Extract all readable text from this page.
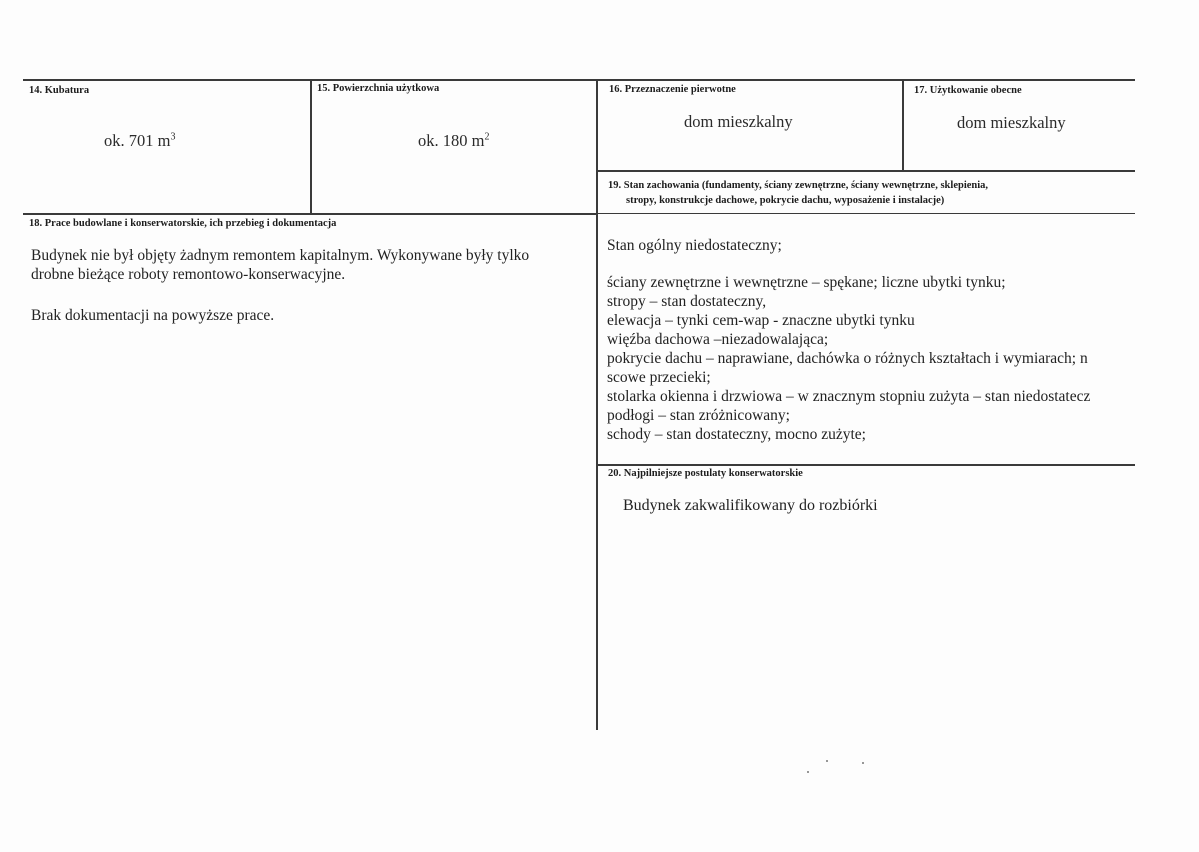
14. Kubatura
ok. 701 $m^3$
15. Powierzchnia użytkowa
ok. 180 $m^2$
16. Przeznaczenie pierwotne
dom mieszkalny
17. Użytkowanie obecne
dom mieszkalny
18. Prace budowlane i konserwatorskie, ich przebieg i dokumentacja
Budynek nie był objęty żadnym remontem kapitalnym. Wykonywane były tylko
drobne bieżące roboty remontowo-konserwacyjne.
Brak dokumentacji na powyższe prace.
19. Stan zachowania (fundamenty, ściany zewnętrzne, ściany wewnętrzne, sklepienia,
stropy, konstrukcje dachowe, pokrycie dachu, wyposażenie i instalacje)
Stan ogólny niedostateczny;
ściany zewnętrzne i wewnętrzne – spękane; liczne ubytki tynku;
stropy – stan dostateczny,
elewacja – tynki cem-wap - znaczne ubytki tynku
więźba dachowa –niezadowalająca;
pokrycie dachu – naprawiane, dachówka o różnych kształtach i wymiarach; n
scowe przecieki;
stolarka okienna i drzwiowa – w znacznym stopniu zużyta – stan niedostatecz
podłogi – stan zróżnicowany;
schody – stan dostateczny, mocno zużyte;
20. Najpilniejsze postulaty konserwatorskie
Budynek zakwalifikowany do rozbiórki
